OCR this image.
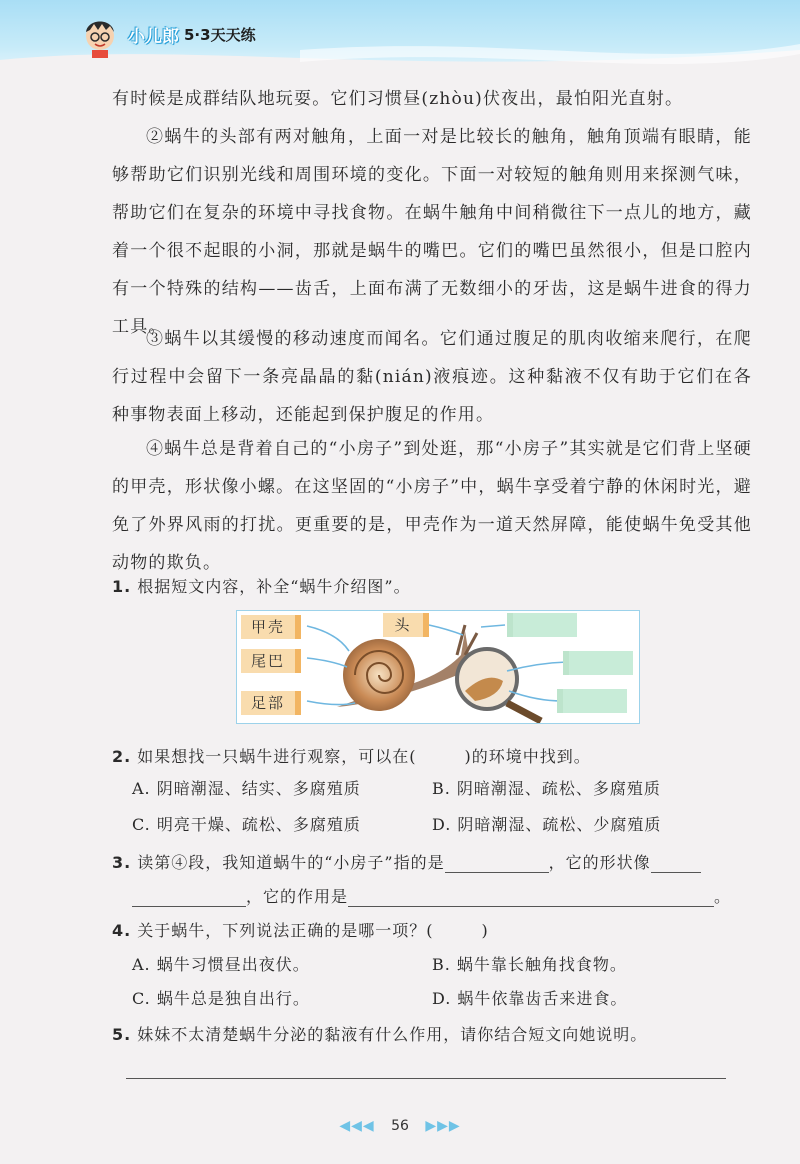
小儿郎 5·3天天练

有时候是成群结队地玩耍。它们习惯昼(zhòu)伏夜出，最怕阳光直射。

②蜗牛的头部有两对触角，上面一对是比较长的触角，触角顶端有眼睛，能够帮助它们识别光线和周围环境的变化。下面一对较短的触角则用来探测气味，帮助它们在复杂的环境中寻找食物。在蜗牛触角中间稍微往下一点儿的地方，藏着一个很不起眼的小洞，那就是蜗牛的嘴巴。它们的嘴巴虽然很小，但是口腔内有一个特殊的结构——齿舌，上面布满了无数细小的牙齿，这是蜗牛进食的得力工具。

③蜗牛以其缓慢的移动速度而闻名。它们通过腹足的肌肉收缩来爬行，在爬行过程中会留下一条亮晶晶的黏(nián)液痕迹。这种黏液不仅有助于它们在各种事物表面上移动，还能起到保护腹足的作用。

④蜗牛总是背着自己的“小房子”到处逛，那“小房子”其实就是它们背上坚硬的甲壳，形状像小螺。在这坚固的“小房子”中，蜗牛享受着宁静的休闲时光，避免了外界风雨的打扰。更重要的是，甲壳作为一道天然屏障，能使蜗牛免受其他动物的欺负。

1. 根据短文内容，补全“蜗牛介绍图”。
甲壳
尾巴
足部
头
2. 如果想找一只蜗牛进行观察，可以在(	)的环境中找到。
A. 阴暗潮湿、结实、多腐殖质	B. 阴暗潮湿、疏松、多腐殖质
C. 明亮干燥、疏松、多腐殖质	D. 阴暗潮湿、疏松、少腐殖质
3. 读第④段，我知道蜗牛的“小房子”指的是	，它的形状像
，它的作用是	。
4. 关于蜗牛，下列说法正确的是哪一项？(	)
A. 蜗牛习惯昼出夜伏。	B. 蜗牛靠长触角找食物。
C. 蜗牛总是独自出行。	D. 蜗牛依靠齿舌来进食。
5. 妹妹不太清楚蜗牛分泌的黏液有什么作用，请你结合短文向她说明。
◀◀◀ 56 ▶▶▶
